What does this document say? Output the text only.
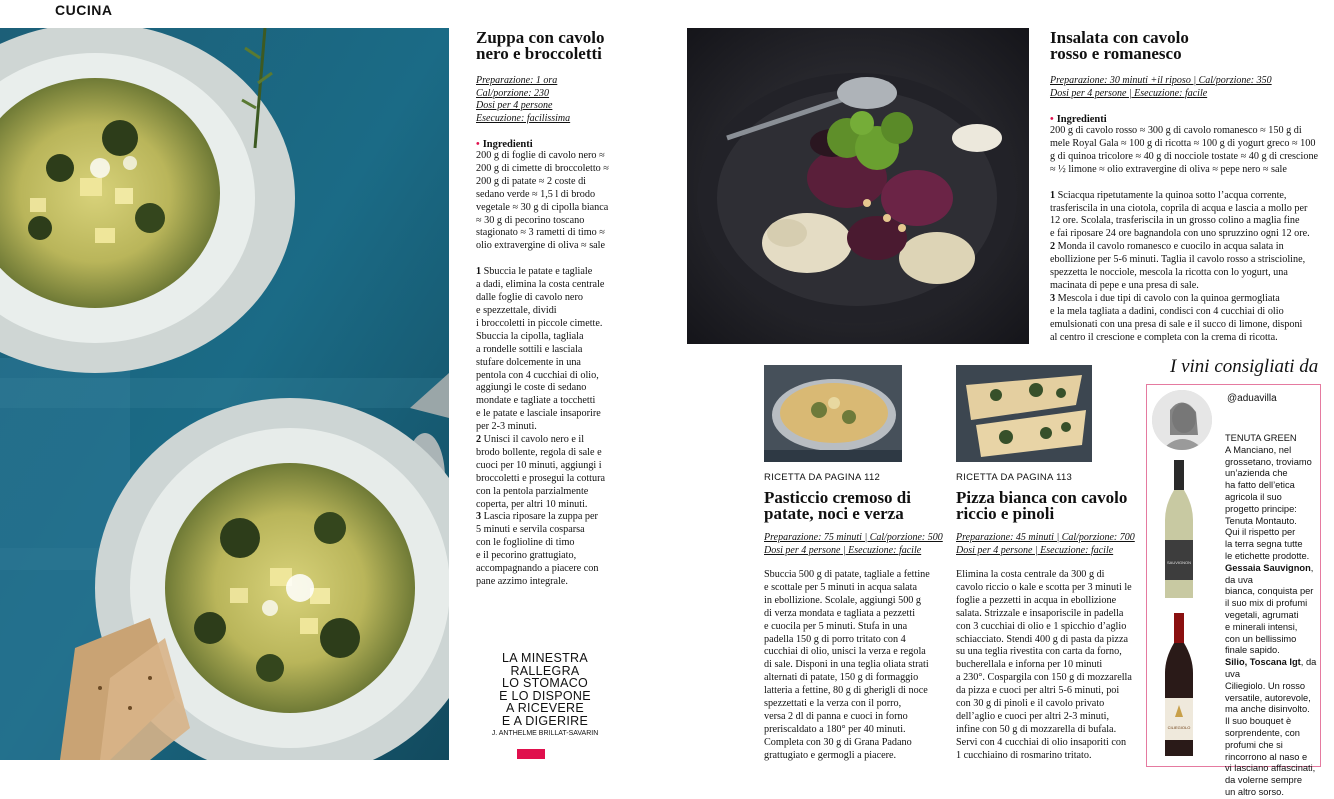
CUCINA
Zuppa con cavolo nero e broccoletti
Preparazione: 1 ora
Cal/porzione: 230
Dosi per 4 persone
Esecuzione: facilissima
• Ingredienti
200 g di foglie di cavolo nero ≈
200 g di cimette di broccoletto ≈
200 g di patate ≈ 2 coste di
sedano verde ≈ 1,5 l di brodo
vegetale ≈ 30 g di cipolla bianca
≈ 30 g di pecorino toscano
stagionato ≈ 3 rametti di timo ≈
olio extravergine di oliva ≈ sale
1 Sbuccia le patate e tagliale
a dadi, elimina la costa centrale
dalle foglie di cavolo nero
e spezzettale, dividi
i broccoletti in piccole cimette.
Sbuccia la cipolla, tagliala
a rondelle sottili e lasciala
stufare dolcemente in una
pentola con 4 cucchiai di olio,
aggiungi le coste di sedano
mondate e tagliate a tocchetti
e le patate e lasciale insaporire
per 2-3 minuti.
2 Unisci il cavolo nero e il
brodo bollente, regola di sale e
cuoci per 10 minuti, aggiungi i
broccoletti e prosegui la cottura
con la pentola parzialmente
coperta, per altri 10 minuti.
3 Lascia riposare la zuppa per
5 minuti e servila cosparsa
con le foglioline di timo
e il pecorino grattugiato,
accompagnando a piacere con
pane azzimo integrale.
LA MINESTRA
RALLEGRA
LO STOMACO
E LO DISPONE
A RICEVERE
E A DIGERIRE
J. ANTHELME BRILLAT-SAVARIN
Insalata con cavolo rosso e romanesco
Preparazione: 30 minuti +il riposo | Cal/porzione: 350
Dosi per 4 persone | Esecuzione: facile
• Ingredienti
200 g di cavolo rosso ≈ 300 g di cavolo romanesco ≈ 150 g di
mele Royal Gala ≈ 100 g di ricotta ≈ 100 g di yogurt greco ≈ 100
g di quinoa tricolore ≈ 40 g di nocciole tostate ≈ 40 g di crescione
≈ ½ limone ≈ olio extravergine di oliva ≈ pepe nero ≈ sale
1 Sciacqua ripetutamente la quinoa sotto l’acqua corrente,
trasferiscila in una ciotola, coprila di acqua e lascia a mollo per
12 ore. Scolala, trasferiscila in un grosso colino a maglia fine
e fai riposare 24 ore bagnandola con uno spruzzino ogni 12 ore.
2 Monda il cavolo romanesco e cuocilo in acqua salata in
ebollizione per 5-6 minuti. Taglia il cavolo rosso a striscioline,
spezzetta le nocciole, mescola la ricotta con lo yogurt, una
macinata di pepe e una presa di sale.
3 Mescola i due tipi di cavolo con la quinoa germogliata
e la mela tagliata a dadini, condisci con 4 cucchiai di olio
emulsionati con una presa di sale e il succo di limone, disponi
al centro il crescione e completa con la crema di ricotta.
RICETTA DA PAGINA 112
Pasticcio cremoso di patate, noci e verza
Preparazione: 75 minuti | Cal/porzione: 500
Dosi per 4 persone | Esecuzione: facile
Sbuccia 500 g di patate, tagliale a fettine
e scottale per 5 minuti in acqua salata
in ebollizione. Scolale, aggiungi 500 g
di verza mondata e tagliata a pezzetti
e cuocila per 5 minuti. Stufa in una
padella 150 g di porro tritato con 4
cucchiai di olio, unisci la verza e regola
di sale. Disponi in una teglia oliata strati
alternati di patate, 150 g di formaggio
latteria a fettine, 80 g di gherigli di noce
spezzettati e la verza con il porro,
versa 2 dl di panna e cuoci in forno
preriscaldato a 180° per 40 minuti.
Completa con 30 g di Grana Padano
grattugiato e germogli a piacere.
RICETTA DA PAGINA 113
Pizza bianca con cavolo riccio e pinoli
Preparazione: 45 minuti | Cal/porzione: 700
Dosi per 4 persone | Esecuzione: facile
Elimina la costa centrale da 300 g di
cavolo riccio o kale e scotta per 3 minuti le
foglie a pezzetti in acqua in ebollizione
salata. Strizzale e insaporiscile in padella
con 3 cucchiai di olio e 1 spicchio d’aglio
schiacciato. Stendi 400 g di pasta da pizza
su una teglia rivestita con carta da forno,
bucherellala e inforna per 10 minuti
a 230°. Cospargila con 150 g di mozzarella
da pizza e cuoci per altri 5-6 minuti, poi
con 30 g di pinoli e il cavolo privato
dell’aglio e cuoci per altri 2-3 minuti,
infine con 50 g di mozzarella di bufala.
Servi con 4 cucchiai di olio insaporiti con
1 cucchiaino di rosmarino tritato.
I vini consigliati da
@aduavilla
SAUVIGNON
CILIEGIOLO
TENUTA GREEN
A Manciano, nel
grossetano, troviamo
un’azienda che
ha fatto dell’etica
agricola il suo
progetto principe:
Tenuta Montauto.
Qui il rispetto per
la terra segna tutte
le etichette prodotte.
Gessaia Sauvignon, da uva
bianca, conquista per
il suo mix di profumi
vegetali, agrumati
e minerali intensi,
con un bellissimo
finale sapido.
Silio, Toscana Igt, da uva
Ciliegiolo. Un rosso
versatile, autorevole,
ma anche disinvolto.
Il suo bouquet è
sorprendente, con
profumi che si
rincorrono al naso e
vi lasciano affascinati,
da volerne sempre
un altro sorso.
